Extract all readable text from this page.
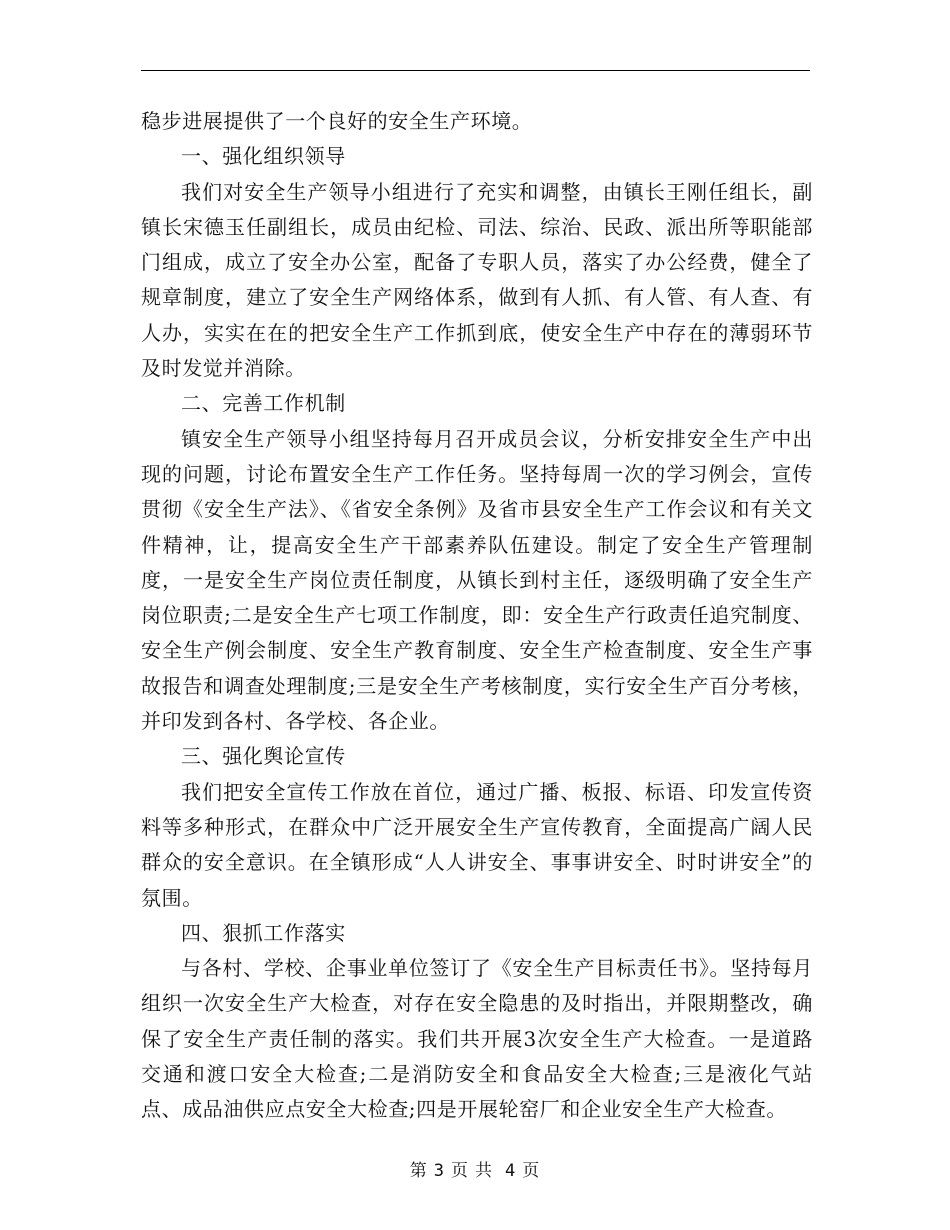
稳步进展提供了一个良好的安全生产环境。

一、强化组织领导

我们对安全生产领导小组进行了充实和调整，由镇长王刚任组长，副镇长宋德玉任副组长，成员由纪检、司法、综治、民政、派出所等职能部门组成，成立了安全办公室，配备了专职人员，落实了办公经费，健全了规章制度，建立了安全生产网络体系，做到有人抓、有人管、有人查、有人办，实实在在的把安全生产工作抓到底，使安全生产中存在的薄弱环节及时发觉并消除。

二、完善工作机制

镇安全生产领导小组坚持每月召开成员会议，分析安排安全生产中出现的问题，讨论布置安全生产工作任务。坚持每周一次的学习例会，宣传贯彻《安全生产法》、《省安全条例》及省市县安全生产工作会议和有关文件精神，让，提高安全生产干部素养队伍建设。制定了安全生产管理制度，一是安全生产岗位责任制度，从镇长到村主任，逐级明确了安全生产岗位职责;二是安全生产七项工作制度，即：安全生产行政责任追究制度、安全生产例会制度、安全生产教育制度、安全生产检查制度、安全生产事故报告和调查处理制度;三是安全生产考核制度，实行安全生产百分考核，并印发到各村、各学校、各企业。

三、强化舆论宣传

我们把安全宣传工作放在首位，通过广播、板报、标语、印发宣传资料等多种形式，在群众中广泛开展安全生产宣传教育，全面提高广阔人民群众的安全意识。在全镇形成“人人讲安全、事事讲安全、时时讲安全”的氛围。

四、狠抓工作落实

与各村、学校、企事业单位签订了《安全生产目标责任书》。坚持每月组织一次安全生产大检查，对存在安全隐患的及时指出，并限期整改，确保了安全生产责任制的落实。我们共开展3次安全生产大检查。一是道路交通和渡口安全大检查;二是消防安全和食品安全大检查;三是液化气站点、成品油供应点安全大检查;四是开展轮窑厂和企业安全生产大检查。

第 3 页 共 4 页
